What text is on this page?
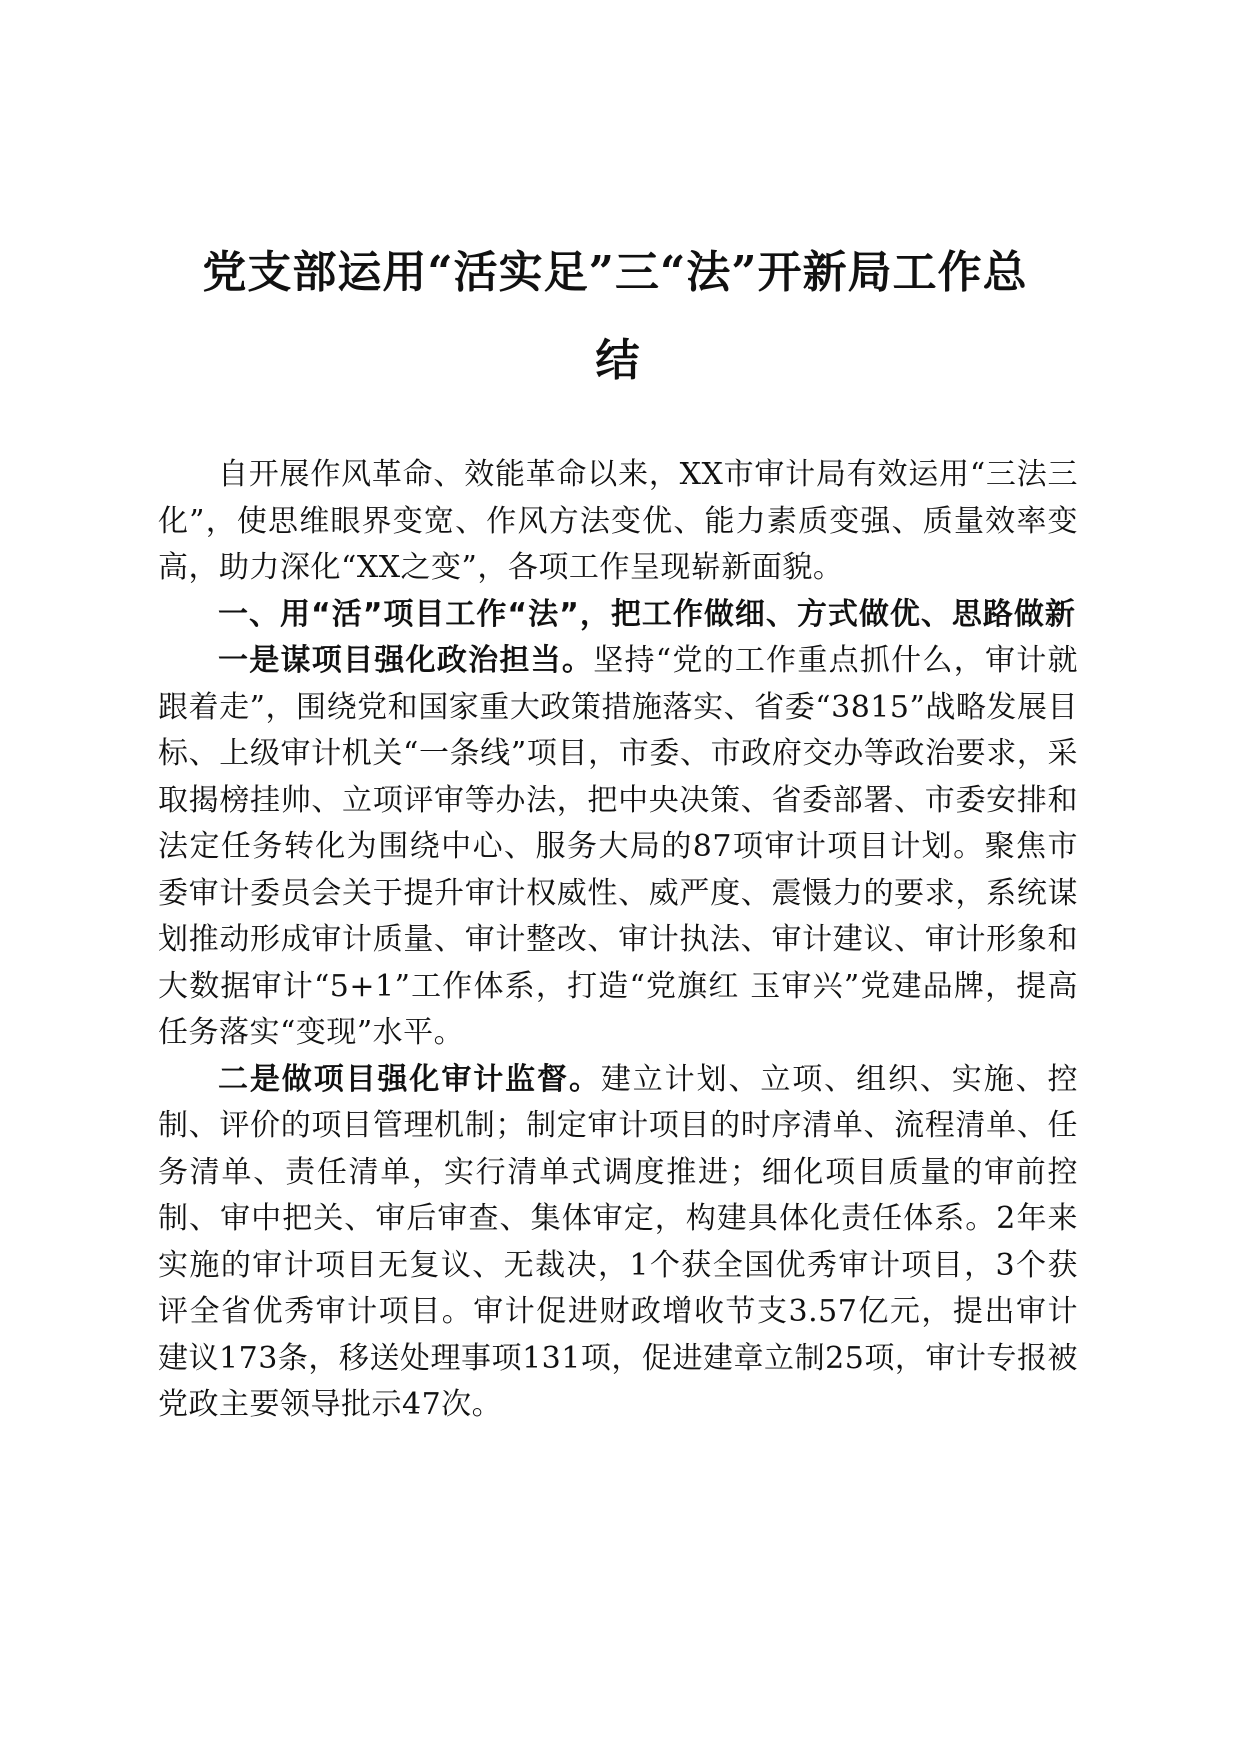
党支部运用“活实足”三“法”开新局工作总
结

自开展作风革命、效能革命以来，XX市审计局有效运用“三法三化”，使思维眼界变宽、作风方法变优、能力素质变强、质量效率变高，助力深化“XX之变”，各项工作呈现崭新面貌。

一、用“活”项目工作“法”，把工作做细、方式做优、思路做新

一是谋项目强化政治担当。坚持“党的工作重点抓什么，审计就跟着走”，围绕党和国家重大政策措施落实、省委“3815”战略发展目标、上级审计机关“一条线”项目，市委、市政府交办等政治要求，采取揭榜挂帅、立项评审等办法，把中央决策、省委部署、市委安排和法定任务转化为围绕中心、服务大局的87项审计项目计划。聚焦市委审计委员会关于提升审计权威性、威严度、震慑力的要求，系统谋划推动形成审计质量、审计整改、审计执法、审计建议、审计形象和大数据审计“5+1”工作体系，打造“党旗红 玉审兴”党建品牌，提高任务落实“变现”水平。

二是做项目强化审计监督。建立计划、立项、组织、实施、控制、评价的项目管理机制；制定审计项目的时序清单、流程清单、任务清单、责任清单，实行清单式调度推进；细化项目质量的审前控制、审中把关、审后审查、集体审定，构建具体化责任体系。2年来实施的审计项目无复议、无裁决，1个获全国优秀审计项目，3个获评全省优秀审计项目。审计促进财政增收节支3.57亿元，提出审计建议173条，移送处理事项131项，促进建章立制25项，审计专报被党政主要领导批示47次。
